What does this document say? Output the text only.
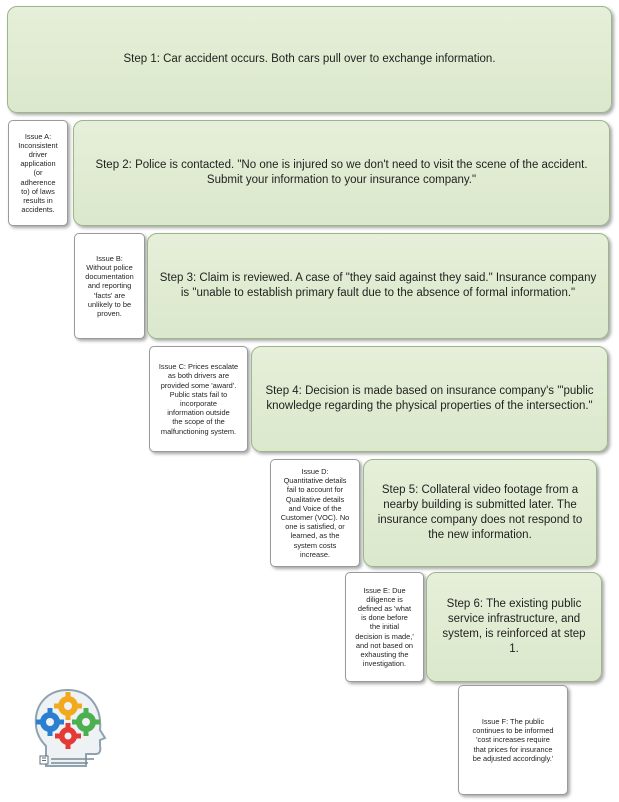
Step 1: Car accident occurs. Both cars pull over to exchange information.
Issue A:
Inconsistent
driver
application
(or
adherence
to) of laws
results in
accidents.
Step 2: Police is contacted. "No one is injured so we don't need to visit the scene of the accident. Submit your information to your insurance company."
Issue B:
Without police
documentation
and reporting
'facts' are
unlikely to be
proven.
Step 3: Claim is reviewed. A case of "they said against they said." Insurance company is "unable to establish primary fault due to the absence of formal information."
Issue C: Prices escalate
as both drivers are
provided some 'award'.
Public stats fail to
incorporate
information outside
the scope of the
malfunctioning system.
Step 4: Decision is made based on insurance company's '"public knowledge regarding the physical properties of the intersection."
Issue D:
Quantitative details
fail to account for
Qualitative details
and Voice of the
Customer (VOC). No
one is satisfied, or
learned, as the
system costs
increase.
Step 5: Collateral video footage from a nearby building is submitted later. The insurance company does not respond to the new information.
Issue E: Due
diligence is
defined as 'what
is done before
the initial
decision is made,'
and not based on
exhausting the
investigation.
Step 6: The existing public service infrastructure, and system, is reinforced at step 1.
Issue F: The public
continues to be informed
'cost increases require
that prices for insurance
be adjusted accordingly.'
